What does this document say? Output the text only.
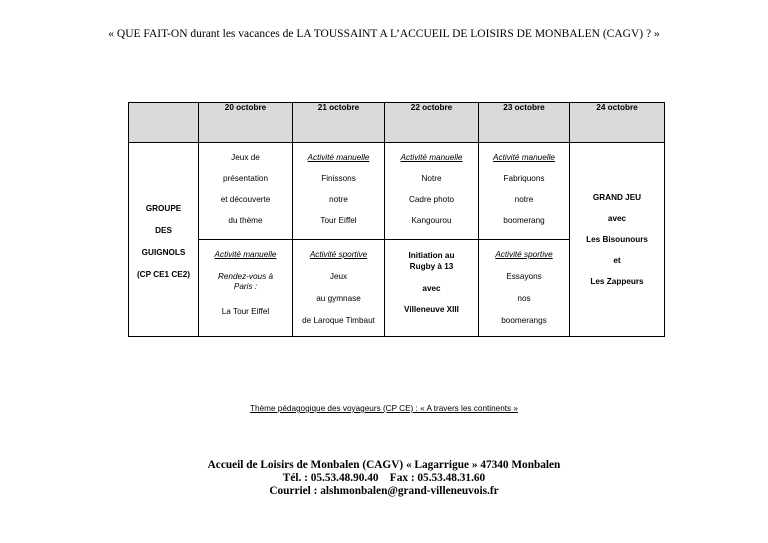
« QUE FAIT-ON durant les vacances de LA TOUSSAINT A L’ACCUEIL DE LOISIRS DE MONBALEN (CAGV) ? »
	20 octobre	21 octobre	22 octobre	23 octobre	24 octobre

GROUPE
DES
GUIGNOLS
(CP CE1 CE2)	Jeux de
présentation
et découverte
du thème	Activité manuelle
Finissons
notre
Tour Eiffel	Activité manuelle
Notre
Cadre photo
Kangourou	Activité manuelle
Fabriquons
notre
boomerang	GRAND JEU
avec
Les Bisounours
et
Les Zappeurs

	Activité manuelle
Rendez-vous à Paris :
La Tour Eiffel	Activité sportive
Jeux
au gymnase
de Laroque Timbaut	Initiation au Rugby à 13
avec
Villeneuve XIII	Activité sportive
Essayons
nos
boomerangs	
Thème pédagogique des voyageurs (CP CE) : « A travers les continents »
Accueil de Loisirs de Monbalen (CAGV) « Lagarrigue » 47340 Monbalen
Tél. : 05.53.48.90.40    Fax : 05.53.48.31.60
Courriel : alshmonbalen@grand-villeneuvois.fr
